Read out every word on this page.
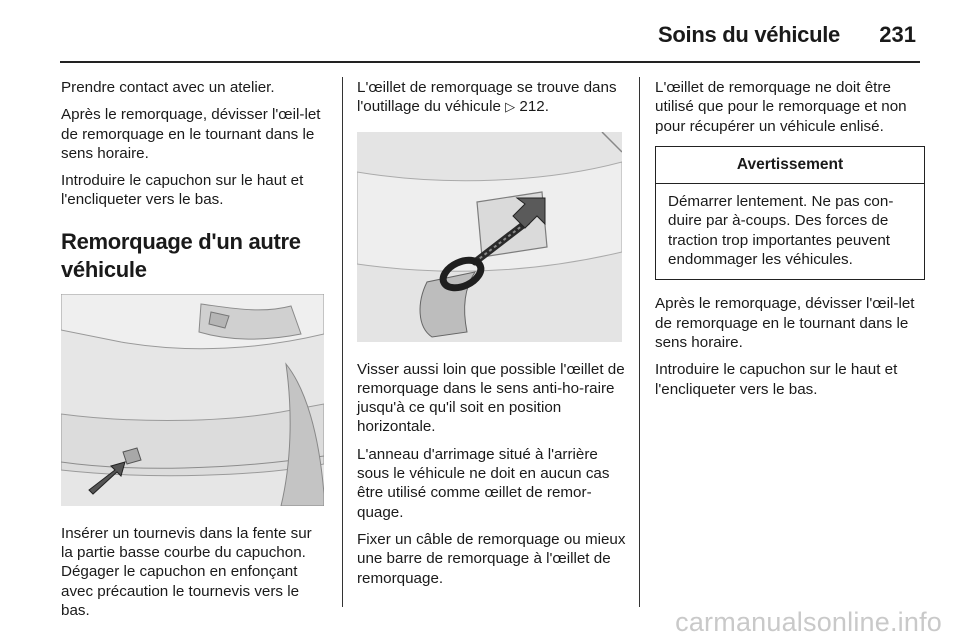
Soins du véhicule 231

Prendre contact avec un atelier.

Après le remorquage, dévisser l'œil-let de remorquage en le tournant dans le sens horaire.

Introduire le capuchon sur le haut et l'encliqueter vers le bas.

Remorquage d'un autre véhicule

Insérer un tournevis dans la fente sur la partie basse courbe du capuchon. Dégager le capuchon en enfonçant avec précaution le tournevis vers le bas.

L'œillet de remorquage se trouve dans l'outillage du véhicule ▷ 212.

Visser aussi loin que possible l'œillet de remorquage dans le sens anti-ho-raire jusqu'à ce qu'il soit en position horizontale.

L'anneau d'arrimage situé à l'arrière sous le véhicule ne doit en aucun cas être utilisé comme œillet de remor-quage.

Fixer un câble de remorquage ou mieux une barre de remorquage à l'œillet de remorquage.

L'œillet de remorquage ne doit être utilisé que pour le remorquage et non pour récupérer un véhicule enlisé.

Avertissement
Démarrer lentement. Ne pas con-duire par à-coups. Des forces de traction trop importantes peuvent endommager les véhicules.

Après le remorquage, dévisser l'œil-let de remorquage en le tournant dans le sens horaire.

Introduire le capuchon sur le haut et l'encliqueter vers le bas.

carmanualsonline.info
